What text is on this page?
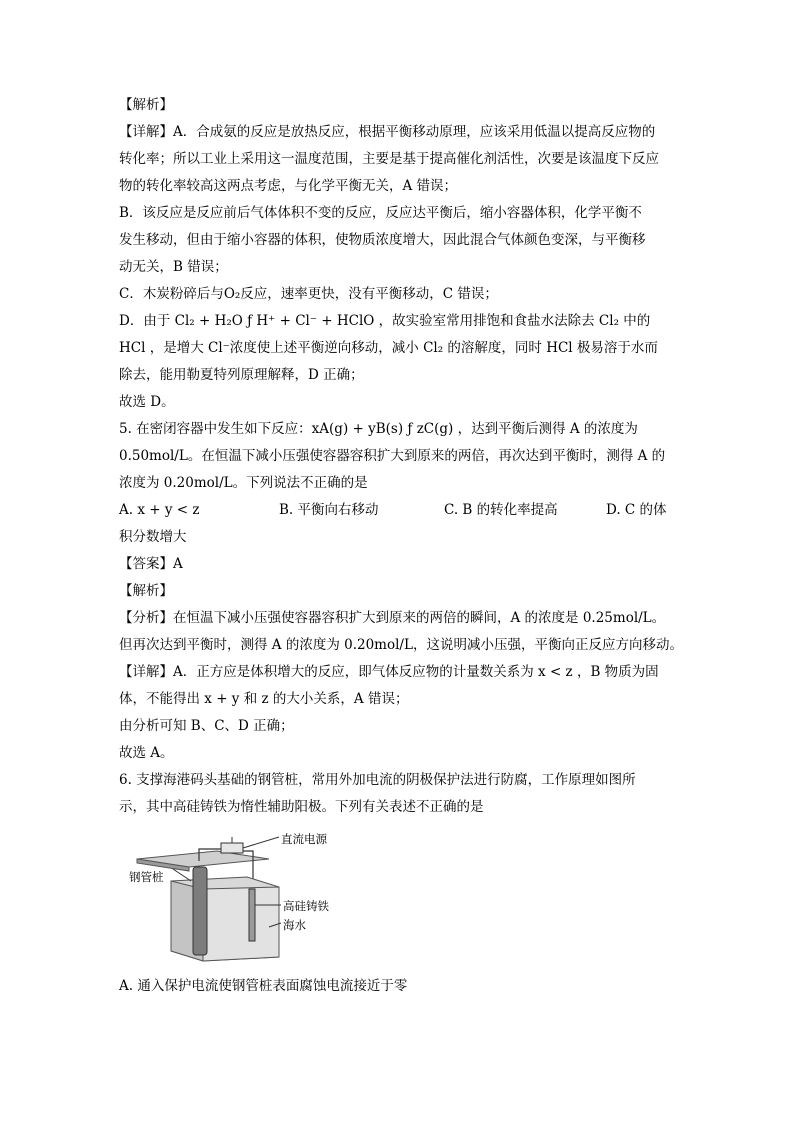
【解析】
【详解】A．合成氨的反应是放热反应，根据平衡移动原理，应该采用低温以提高反应物的
转化率；所以工业上采用这一温度范围，主要是基于提高催化剂活性，次要是该温度下反应
物的转化率较高这两点考虑，与化学平衡无关，A 错误；
B．该反应是反应前后气体体积不变的反应，反应达平衡后，缩小容器体积，化学平衡不
发生移动，但由于缩小容器的体积，使物质浓度增大，因此混合气体颜色变深，与平衡移
动无关，B 错误；
C．木炭粉碎后与O₂反应，速率更快，没有平衡移动，C 错误；
D．由于 Cl₂ + H₂O ƒ H⁺ + Cl⁻ + HClO ，故实验室常用排饱和食盐水法除去 Cl₂ 中的
HCl ，是增大 Cl⁻浓度使上述平衡逆向移动，减小 Cl₂ 的溶解度，同时 HCl 极易溶于水而
除去，能用勒夏特列原理解释，D 正确；
故选 D。
5. 在密闭容器中发生如下反应：xA(g) + yB(s) ƒ zC(g) ，达到平衡后测得 A 的浓度为
0.50mol/L。在恒温下减小压强使容器容积扩大到原来的两倍，再次达到平衡时，测得 A 的
浓度为 0.20mol/L。下列说法不正确的是
A. x + y < z	B. 平衡向右移动	C. B 的转化率提高	D. C 的体
积分数增大
【答案】A
【解析】
【分析】在恒温下减小压强使容器容积扩大到原来的两倍的瞬间，A 的浓度是 0.25mol/L。
但再次达到平衡时，测得 A 的浓度为 0.20mol/L，这说明减小压强，平衡向正反应方向移动。
【详解】A．正方应是体积增大的反应，即气体反应物的计量数关系为 x < z ，B 物质为固
体，不能得出 x + y 和 z 的大小关系，A 错误；
由分析可知 B、C、D 正确；
故选 A。
6. 支撑海港码头基础的钢管桩，常用外加电流的阴极保护法进行防腐，工作原理如图所
示，其中高硅铸铁为惰性辅助阳极。下列有关表述不正确的是
直流电源
钢管桩
高硅铸铁
海水
A. 通入保护电流使钢管桩表面腐蚀电流接近于零
